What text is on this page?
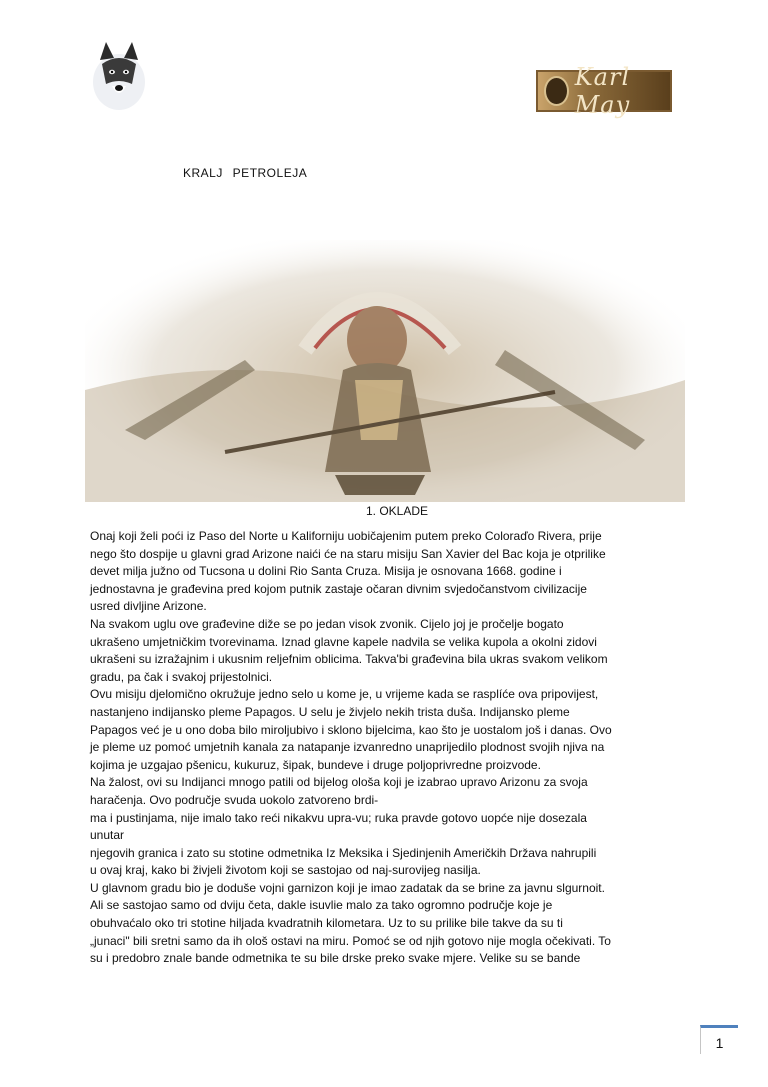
Karl May
KRALJ PETROLEJA
1. OKLADE

Onaj koji želi poći iz Paso del Norte u Kaliforniju uobičajenim putem preko Coloraďo Rivera, prije

nego što dospije u glavni grad Arizone naići će na staru misiju San Xavier del Bac koja je otprilike

devet milja južno od Tucsona u dolini Rio Santa Cruza. Misija je osnovana 1668. godine i

jednostavna je građevina pred kojom putnik zastaje očaran divnim svjedočanstvom civilizacije

usred divljine Arizone.

Na svakom uglu ove građevine diže se po jedan visok zvonik. Cijelo joj je pročelje bogato

ukrašeno umjetničkim tvorevinama. Iznad glavne kapele nadvila se velika kupola a okolni zidovi

ukrašeni su izražajnim i ukusnim reljefnim oblicima. Takva'bi građevina bila ukras svakom velikom

gradu, pa čak i svakoj prijestolnici.

Ovu misiju djelomično okružuje jedno selo u kome je, u vrijeme kada se rasplíće ova pripovijest,

nastanjeno indijansko pleme Papagos. U selu je živjelo nekih trista duša. Indijansko pleme

Papagos već je u ono doba bilo miroljubivo i sklono bijelcima, kao što je uostalom još i danas. Ovo

je pleme uz pomoć umjetnih kanala za natapanje izvanredno unaprijedilo plodnost svojih njiva na

kojima je uzgajao pšenicu, kukuruz, šipak, bundeve i druge poljoprivredne proizvode.

Na žalost, ovi su Indijanci mnogo patili od bijelog ološa koji je izabrao upravo Arizonu za svoja

haračenja. Ovo područje svuda uokolo zatvoreno brdi-

ma i pustinjama, nije imalo tako reći nikakvu upra-vu; ruka pravde gotovo uopće nije dosezala

unutar

njegovih granica i zato su stotine odmetnika Iz Meksika i Sjedinjenih Američkih Država nahrupili

u ovaj kraj, kako bi živjeli životom koji se sastojao od naj-surovijeg nasilja.

U glavnom gradu bio je doduše vojni garnizon koji je imao zadatak da se brine za javnu slgurnoit.

Ali se sastojao samo od dviju četa, dakle isuvlie malo za tako ogromno područje koje je

obuhvaćalo oko tri stotine hiljada kvadratnih kilometara. Uz to su prilike bile takve da su ti

„junaci" bili sretni samo da ih ološ ostavi na miru. Pomoć se od njih gotovo nije mogla očekivati. To

su i predobro znale bande odmetnika te su bile drske preko svake mjere. Velike su se bande

1
